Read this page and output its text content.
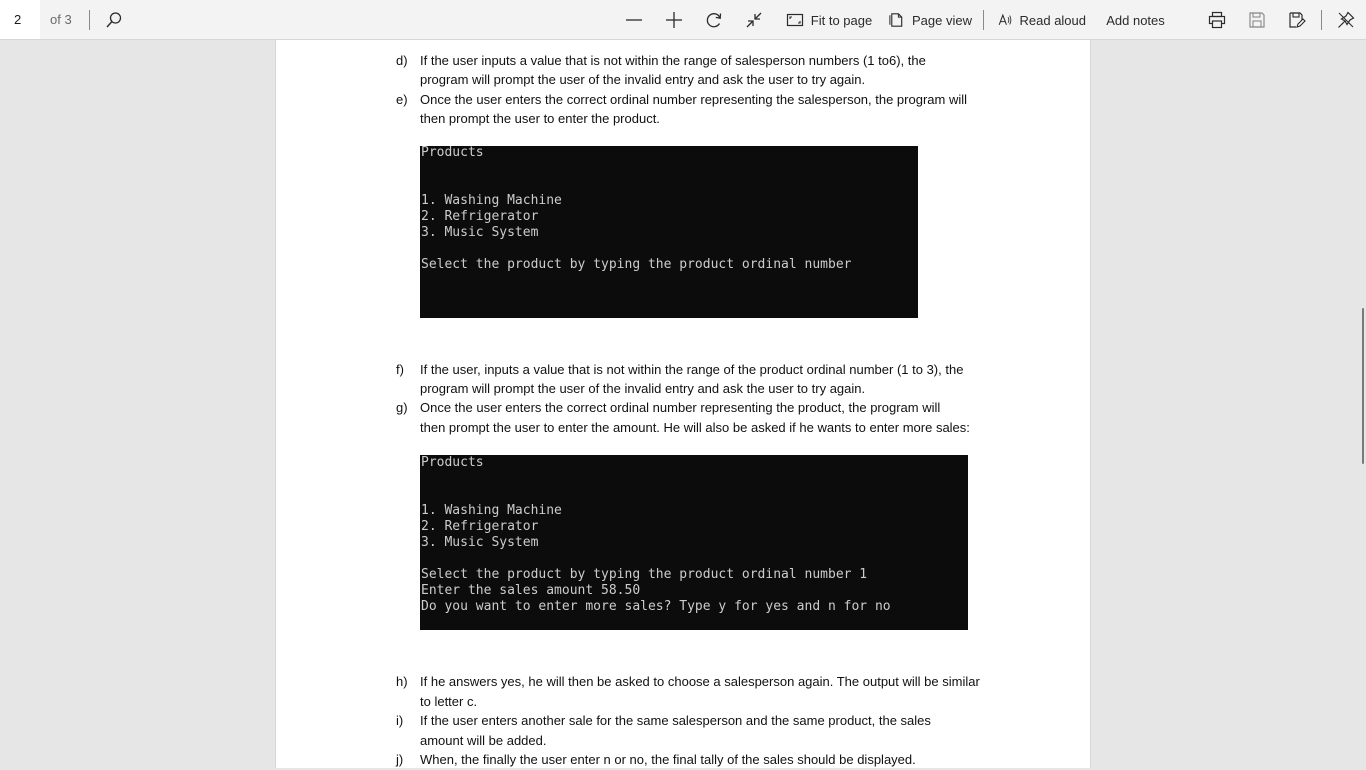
2
of 3	Fit to page	Page view	Read aloud Add notes
d) If the user inputs a value that is not within the range of salesperson numbers (1 to6), the
program will prompt the user of the invalid entry and ask the user to try again.
e) Once the user enters the correct ordinal number representing the salesperson, the program will
then prompt the user to enter the product.
Products
1. Washing Machine
2. Refrigerator
3. Music System
Select the product by typing the product ordinal number
f) If the user, inputs a value that is not within the range of the product ordinal number (1 to 3), the
program will prompt the user of the invalid entry and ask the user to try again.
g) Once the user enters the correct ordinal number representing the product, the program will
then prompt the user to enter the amount. He will also be asked if he wants to enter more sales:
Products
1. Washing Machine
2. Refrigerator
3. Music System
Select the product by typing the product ordinal number 1
Enter the sales amount 58.50
Do you want to enter more sales? Type y for yes and n for no
h) If he answers yes, he will then be asked to choose a salesperson again. The output will be similar
to letter c.
i) If the user enters another sale for the same salesperson and the same product, the sales
amount will be added.
j) When, the finally the user enter n or no, the final tally of the sales should be displayed.
